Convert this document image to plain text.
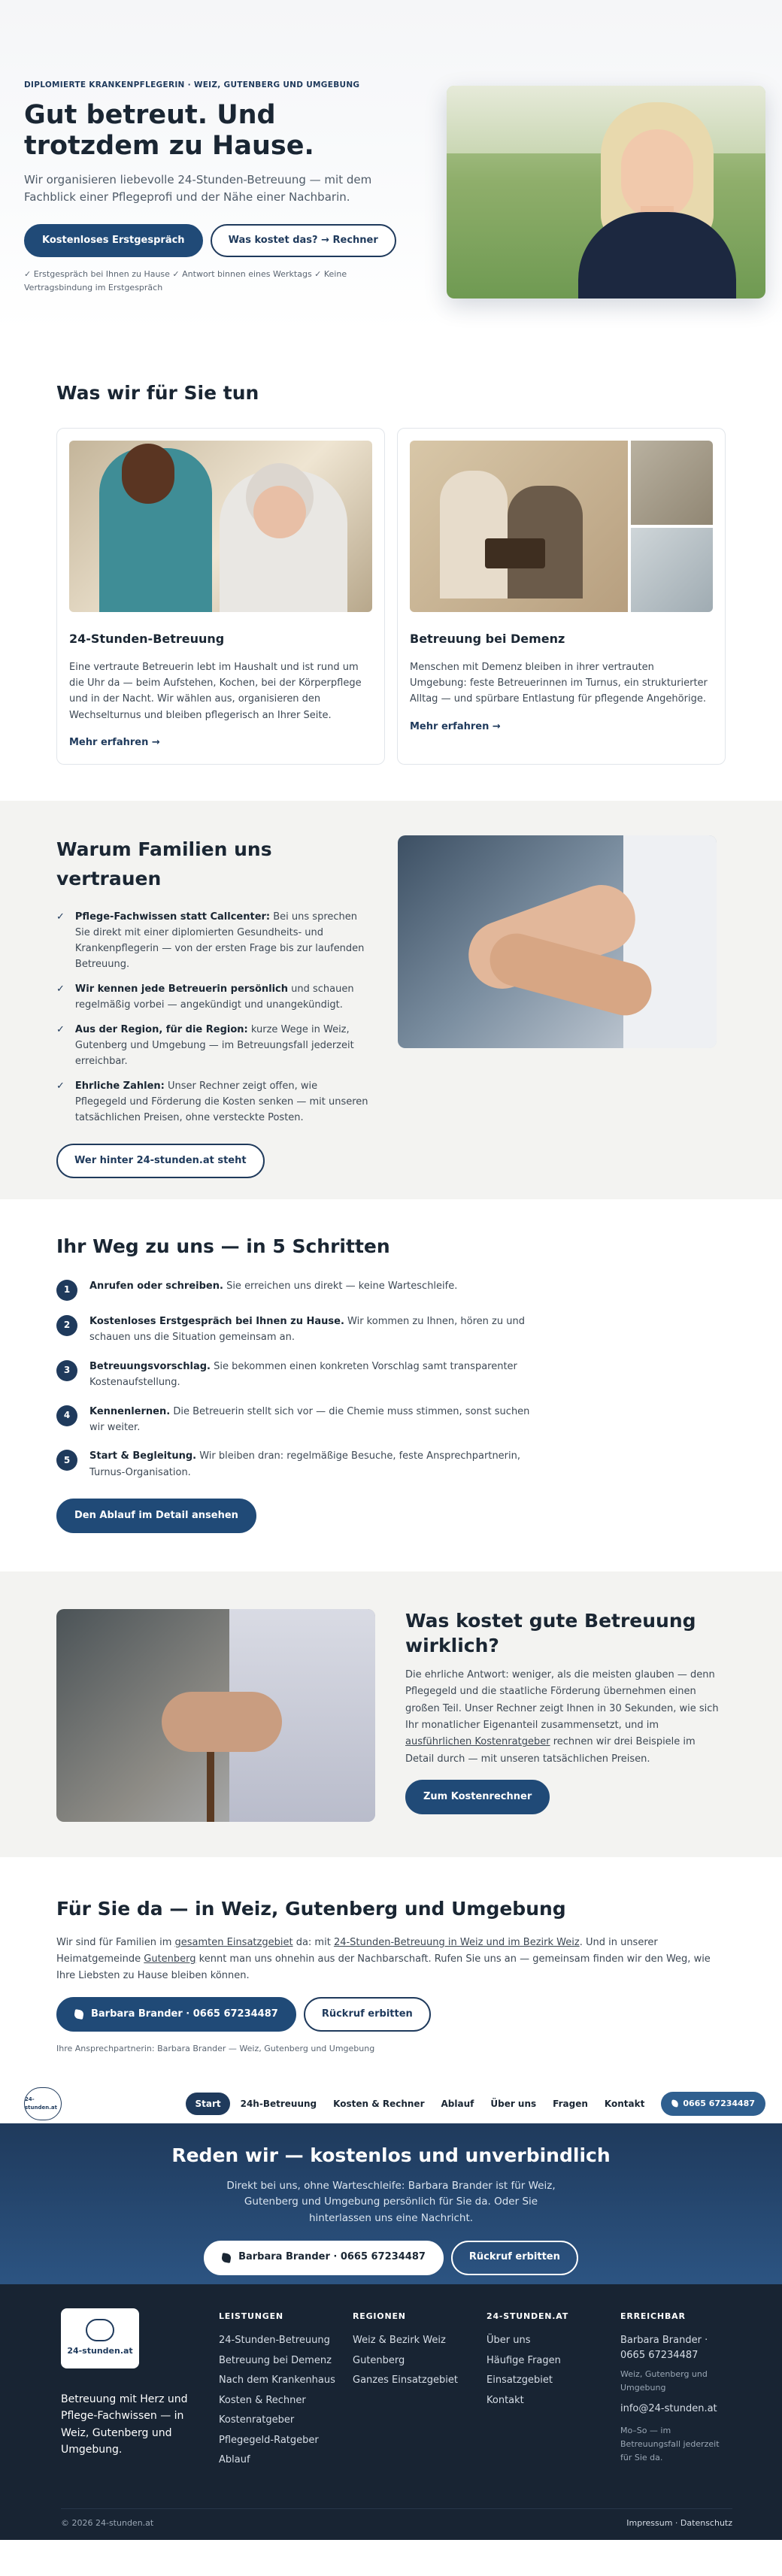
DIPLOMIERTE KRANKENPFLEGERIN · WEIZ, GUTENBERG UND UMGEBUNG
Gut betreut. Und trotzdem zu Hause.

Wir organisieren liebevolle 24-Stunden-Betreuung — mit dem Fachblick einer Pflegeprofi und der Nähe einer Nachbarin.

Kostenloses Erstgespräch	Was kostet das? → Rechner

✓ Erstgespräch bei Ihnen zu Hause ✓ Antwort binnen eines Werktags ✓ Keine Vertragsbindung im Erstgespräch

Was wir für Sie tun
24-Stunden-Betreuung

Eine vertraute Betreuerin lebt im Haushalt und ist rund um die Uhr da — beim Aufstehen, Kochen, bei der Körperpflege und in der Nacht. Wir wählen aus, organisieren den Wechselturnus und bleiben pflegerisch an Ihrer Seite.

Mehr erfahren →
Betreuung bei Demenz

Menschen mit Demenz bleiben in ihrer vertrauten Umgebung: feste Betreuerinnen im Turnus, ein strukturierter Alltag — und spürbare Entlastung für pflegende Angehörige.

Mehr erfahren →
Warum Familien uns vertrauen
✓ Pflege-Fachwissen statt Callcenter: Bei uns sprechen Sie direkt mit einer diplomierten Gesundheits- und Krankenpflegerin — von der ersten Frage bis zur laufenden Betreuung.
✓ Wir kennen jede Betreuerin persönlich und schauen regelmäßig vorbei — angekündigt und unangekündigt.
✓ Aus der Region, für die Region: kurze Wege in Weiz, Gutenberg und Umgebung — im Betreuungsfall jederzeit erreichbar.
✓ Ehrliche Zahlen: Unser Rechner zeigt offen, wie Pflegegeld und Förderung die Kosten senken — mit unseren tatsächlichen Preisen, ohne versteckte Posten.
Wer hinter 24-stunden.at steht
Ihr Weg zu uns — in 5 Schritten
1	Anrufen oder schreiben. Sie erreichen uns direkt — keine Warteschleife.
2	Kostenloses Erstgespräch bei Ihnen zu Hause. Wir kommen zu Ihnen, hören zu und schauen uns die Situation gemeinsam an.
3	Betreuungsvorschlag. Sie bekommen einen konkreten Vorschlag samt transparenter Kostenaufstellung.
4	Kennenlernen. Die Betreuerin stellt sich vor — die Chemie muss stimmen, sonst suchen wir weiter.
5	Start & Begleitung. Wir bleiben dran: regelmäßige Besuche, feste Ansprechpartnerin, Turnus-Organisation.
Den Ablauf im Detail ansehen
Was kostet gute Betreuung wirklich?

Die ehrliche Antwort: weniger, als die meisten glauben — denn Pflegegeld und die staatliche Förderung übernehmen einen großen Teil. Unser Rechner zeigt Ihnen in 30 Sekunden, wie sich Ihr monatlicher Eigenanteil zusammensetzt, und im ausführlichen Kostenratgeber rechnen wir drei Beispiele im Detail durch — mit unseren tatsächlichen Preisen.

Zum Kostenrechner
Für Sie da — in Weiz, Gutenberg und Umgebung

Wir sind für Familien im gesamten Einsatzgebiet da: mit 24-Stunden-Betreuung in Weiz und im Bezirk Weiz. Und in unserer Heimatgemeinde Gutenberg kennt man uns ohnehin aus der Nachbarschaft. Rufen Sie uns an — gemeinsam finden wir den Weg, wie Ihre Liebsten zu Hause bleiben können.

Barbara Brander · 0665 67234487	Rückruf erbitten

Ihre Ansprechpartnerin: Barbara Brander — Weiz, Gutenberg und Umgebung

24-stunden.at	Start	24h-Betreuung	Kosten & Rechner	Ablauf	Über uns	Fragen	Kontakt	0665 67234487
Reden wir — kostenlos und unverbindlich

Direkt bei uns, ohne Warteschleife: Barbara Brander ist für Weiz, Gutenberg und Umgebung persönlich für Sie da. Oder Sie hinterlassen uns eine Nachricht.

Barbara Brander · 0665 67234487	Rückruf erbitten
24-stunden.at

Betreuung mit Herz und Pflege-Fachwissen — in Weiz, Gutenberg und Umgebung.

LEISTUNGEN
24-Stunden-Betreuung
Betreuung bei Demenz
Nach dem Krankenhaus
Kosten & Rechner
Kostenratgeber
Pflegegeld-Ratgeber
Ablauf
REGIONEN
Weiz & Bezirk Weiz
Gutenberg
Ganzes Einsatzgebiet
24-STUNDEN.AT
Über uns
Häufige Fragen
Einsatzgebiet
Kontakt
ERREICHBAR
Barbara Brander · 0665 67234487
Weiz, Gutenberg und Umgebung
info@24-stunden.at
Mo–So — im Betreuungsfall jederzeit für Sie da.
© 2026 24-stunden.at	Impressum · Datenschutz
